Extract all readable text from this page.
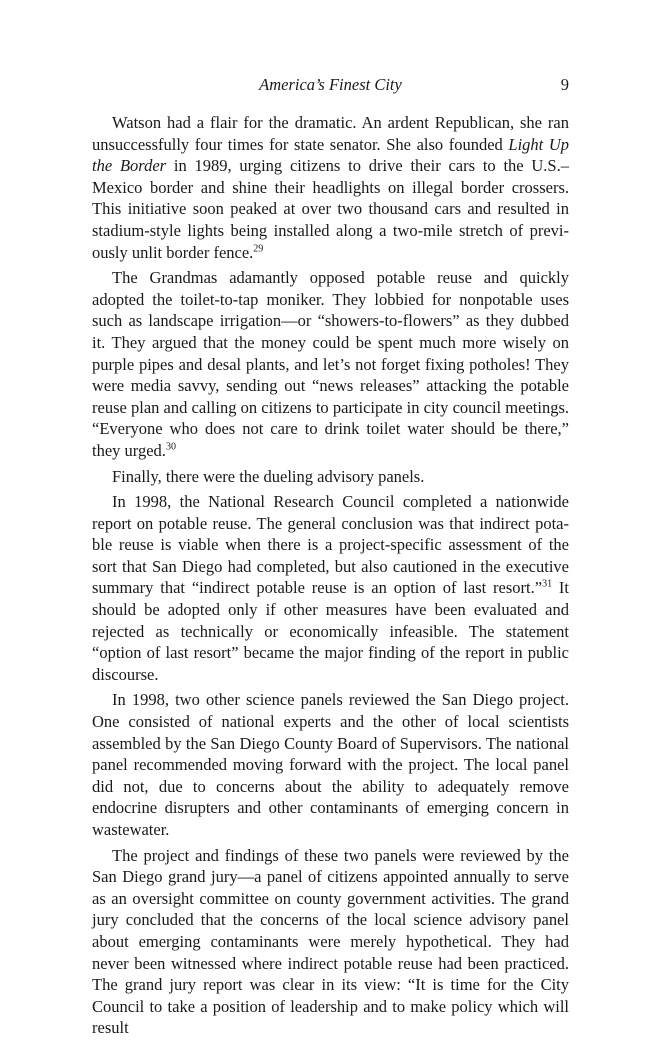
America’s Finest City	9

Watson had a flair for the dramatic. An ardent Republican, she ran unsuccessfully four times for state senator. She also founded Light Up the Border in 1989, urging citizens to drive their cars to the U.S.–Mexico border and shine their headlights on illegal border crossers. This initiative soon peaked at over two thousand cars and resulted in stadium-style lights being installed along a two-mile stretch of previously unlit border fence.$^{29}$

The Grandmas adamantly opposed potable reuse and quickly adopted the toilet-to-tap moniker. They lobbied for nonpotable uses such as landscape irrigation—or “showers-to-flowers” as they dubbed it. They argued that the money could be spent much more wisely on purple pipes and desal plants, and let’s not forget fixing potholes! They were media savvy, sending out “news releases” attacking the potable reuse plan and calling on citizens to participate in city council meetings. “Everyone who does not care to drink toilet water should be there,” they urged.$^{30}$

Finally, there were the dueling advisory panels.

In 1998, the National Research Council completed a nationwide report on potable reuse. The general conclusion was that indirect potable reuse is viable when there is a project-specific assessment of the sort that San Diego had completed, but also cautioned in the executive summary that “indirect potable reuse is an option of last resort.”$^{31}$ It should be adopted only if other measures have been evaluated and rejected as technically or economically infeasible. The statement “option of last resort” became the major finding of the report in public discourse.

In 1998, two other science panels reviewed the San Diego project. One consisted of national experts and the other of local scientists assembled by the San Diego County Board of Supervisors. The national panel recommended moving forward with the project. The local panel did not, due to concerns about the ability to adequately remove endocrine disrupters and other contaminants of emerging concern in wastewater.

The project and findings of these two panels were reviewed by the San Diego grand jury—a panel of citizens appointed annually to serve as an oversight committee on county government activities. The grand jury concluded that the concerns of the local science advisory panel about emerging contaminants were merely hypothetical. They had never been witnessed where indirect potable reuse had been practiced. The grand jury report was clear in its view: “It is time for the City Council to take a position of leadership and to make policy which will result
